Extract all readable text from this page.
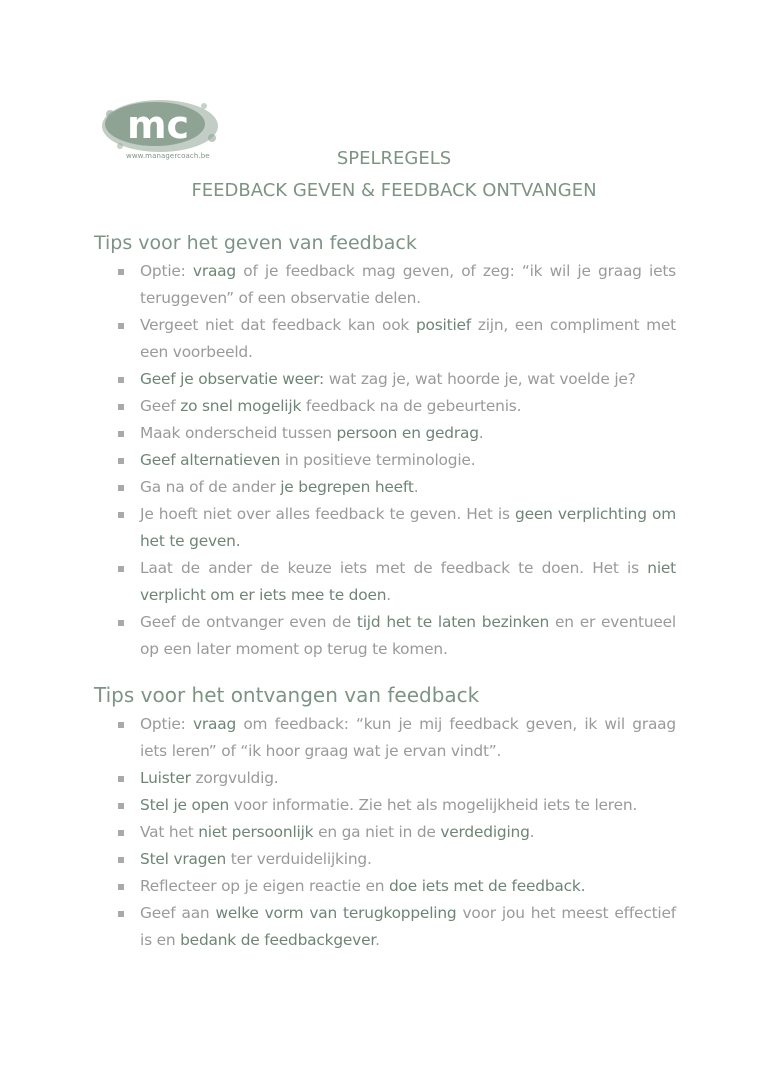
mc
www.managercoach.be	SPELREGELS
FEEDBACK GEVEN & FEEDBACK ONTVANGEN
Tips voor het geven van feedback
Optie: vraag of je feedback mag geven, of zeg: “ik wil je graag iets teruggeven” of een observatie delen.
Vergeet niet dat feedback kan ook positief zijn, een compliment met een voorbeeld.
Geef je observatie weer: wat zag je, wat hoorde je, wat voelde je?
Geef zo snel mogelijk feedback na de gebeurtenis.
Maak onderscheid tussen persoon en gedrag.
Geef alternatieven in positieve terminologie.
Ga na of de ander je begrepen heeft.
Je hoeft niet over alles feedback te geven. Het is geen verplichting om het te geven.
Laat de ander de keuze iets met de feedback te doen. Het is niet verplicht om er iets mee te doen.
Geef de ontvanger even de tijd het te laten bezinken en er eventueel op een later moment op terug te komen.
Tips voor het ontvangen van feedback
Optie: vraag om feedback: “kun je mij feedback geven, ik wil graag iets leren” of “ik hoor graag wat je ervan vindt”.
Luister zorgvuldig.
Stel je open voor informatie. Zie het als mogelijkheid iets te leren.
Vat het niet persoonlijk en ga niet in de verdediging.
Stel vragen ter verduidelijking.
Reflecteer op je eigen reactie en doe iets met de feedback.
Geef aan welke vorm van terugkoppeling voor jou het meest effectief is en bedank de feedbackgever.
